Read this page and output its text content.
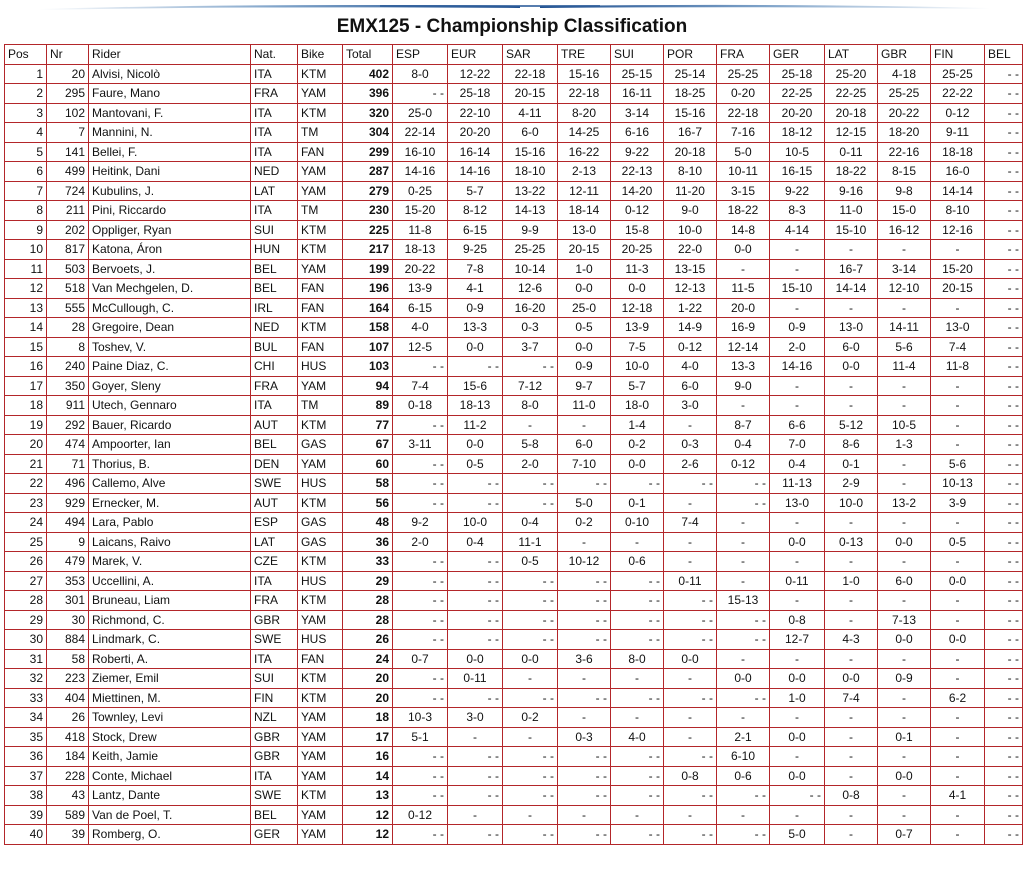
EMX125 - Championship Classification
Pos	Nr	Rider	Nat.	Bike	Total	ESP	EUR	SAR	TRE	SUI	POR	FRA	GER	LAT	GBR	FIN	BEL
1	20	Alvisi, Nicolò	ITA	KTM	402	8-0	12-22	22-18	15-16	25-15	25-14	25-25	25-18	25-20	4-18	25-25	- -
2	295	Faure, Mano	FRA	YAM	396	- -	25-18	20-15	22-18	16-11	18-25	0-20	22-25	22-25	25-25	22-22	- -
3	102	Mantovani, F.	ITA	KTM	320	25-0	22-10	4-11	8-20	3-14	15-16	22-18	20-20	20-18	20-22	0-12	- -
4	7	Mannini, N.	ITA	TM	304	22-14	20-20	6-0	14-25	6-16	16-7	7-16	18-12	12-15	18-20	9-11	- -
5	141	Bellei, F.	ITA	FAN	299	16-10	16-14	15-16	16-22	9-22	20-18	5-0	10-5	0-11	22-16	18-18	- -
6	499	Heitink, Dani	NED	YAM	287	14-16	14-16	18-10	2-13	22-13	8-10	10-11	16-15	18-22	8-15	16-0	- -
7	724	Kubulins, J.	LAT	YAM	279	0-25	5-7	13-22	12-11	14-20	11-20	3-15	9-22	9-16	9-8	14-14	- -
8	211	Pini, Riccardo	ITA	TM	230	15-20	8-12	14-13	18-14	0-12	9-0	18-22	8-3	11-0	15-0	8-10	- -
9	202	Oppliger, Ryan	SUI	KTM	225	11-8	6-15	9-9	13-0	15-8	10-0	14-8	4-14	15-10	16-12	12-16	- -
10	817	Katona, Áron	HUN	KTM	217	18-13	9-25	25-25	20-15	20-25	22-0	0-0	-	-	-	-	- -
11	503	Bervoets, J.	BEL	YAM	199	20-22	7-8	10-14	1-0	11-3	13-15	-	-	16-7	3-14	15-20	- -
12	518	Van Mechgelen, D.	BEL	FAN	196	13-9	4-1	12-6	0-0	0-0	12-13	11-5	15-10	14-14	12-10	20-15	- -
13	555	McCullough, C.	IRL	FAN	164	6-15	0-9	16-20	25-0	12-18	1-22	20-0	-	-	-	-	- -
14	28	Gregoire, Dean	NED	KTM	158	4-0	13-3	0-3	0-5	13-9	14-9	16-9	0-9	13-0	14-11	13-0	- -
15	8	Toshev, V.	BUL	FAN	107	12-5	0-0	3-7	0-0	7-5	0-12	12-14	2-0	6-0	5-6	7-4	- -
16	240	Paine Diaz, C.	CHI	HUS	103	- -	- -	- -	0-9	10-0	4-0	13-3	14-16	0-0	11-4	11-8	- -
17	350	Goyer, Sleny	FRA	YAM	94	7-4	15-6	7-12	9-7	5-7	6-0	9-0	-	-	-	-	- -
18	911	Utech, Gennaro	ITA	TM	89	0-18	18-13	8-0	11-0	18-0	3-0	-	-	-	-	-	- -
19	292	Bauer, Ricardo	AUT	KTM	77	- -	11-2	-	-	1-4	-	8-7	6-6	5-12	10-5	-	- -
20	474	Ampoorter, Ian	BEL	GAS	67	3-11	0-0	5-8	6-0	0-2	0-3	0-4	7-0	8-6	1-3	-	- -
21	71	Thorius, B.	DEN	YAM	60	- -	0-5	2-0	7-10	0-0	2-6	0-12	0-4	0-1	-	5-6	- -
22	496	Callemo, Alve	SWE	HUS	58	- -	- -	- -	- -	- -	- -	- -	11-13	2-9	-	10-13	- -
23	929	Ernecker, M.	AUT	KTM	56	- -	- -	- -	5-0	0-1	-	- -	13-0	10-0	13-2	3-9	- -
24	494	Lara, Pablo	ESP	GAS	48	9-2	10-0	0-4	0-2	0-10	7-4	-	-	-	-	-	- -
25	9	Laicans, Raivo	LAT	GAS	36	2-0	0-4	11-1	-	-	-	-	0-0	0-13	0-0	0-5	- -
26	479	Marek, V.	CZE	KTM	33	- -	- -	0-5	10-12	0-6	-	-	-	-	-	-	- -
27	353	Uccellini, A.	ITA	HUS	29	- -	- -	- -	- -	- -	0-11	-	0-11	1-0	6-0	0-0	- -
28	301	Bruneau, Liam	FRA	KTM	28	- -	- -	- -	- -	- -	- -	15-13	-	-	-	-	- -
29	30	Richmond, C.	GBR	YAM	28	- -	- -	- -	- -	- -	- -	- -	0-8	-	7-13	-	- -
30	884	Lindmark, C.	SWE	HUS	26	- -	- -	- -	- -	- -	- -	- -	12-7	4-3	0-0	0-0	- -
31	58	Roberti, A.	ITA	FAN	24	0-7	0-0	0-0	3-6	8-0	0-0	-	-	-	-	-	- -
32	223	Ziemer, Emil	SUI	KTM	20	- -	0-11	-	-	-	-	0-0	0-0	0-0	0-9	-	- -
33	404	Miettinen, M.	FIN	KTM	20	- -	- -	- -	- -	- -	- -	- -	1-0	7-4	-	6-2	- -
34	26	Townley, Levi	NZL	YAM	18	10-3	3-0	0-2	-	-	-	-	-	-	-	-	- -
35	418	Stock, Drew	GBR	YAM	17	5-1	-	-	0-3	4-0	-	2-1	0-0	-	0-1	-	- -
36	184	Keith, Jamie	GBR	YAM	16	- -	- -	- -	- -	- -	- -	6-10	-	-	-	-	- -
37	228	Conte, Michael	ITA	YAM	14	- -	- -	- -	- -	- -	0-8	0-6	0-0	-	0-0	-	- -
38	43	Lantz, Dante	SWE	KTM	13	- -	- -	- -	- -	- -	- -	- -	- -	0-8	-	4-1	- -
39	589	Van de Poel, T.	BEL	YAM	12	0-12	-	-	-	-	-	-	-	-	-	-	- -
40	39	Romberg, O.	GER	YAM	12	- -	- -	- -	- -	- -	- -	- -	5-0	-	0-7	-	- -
